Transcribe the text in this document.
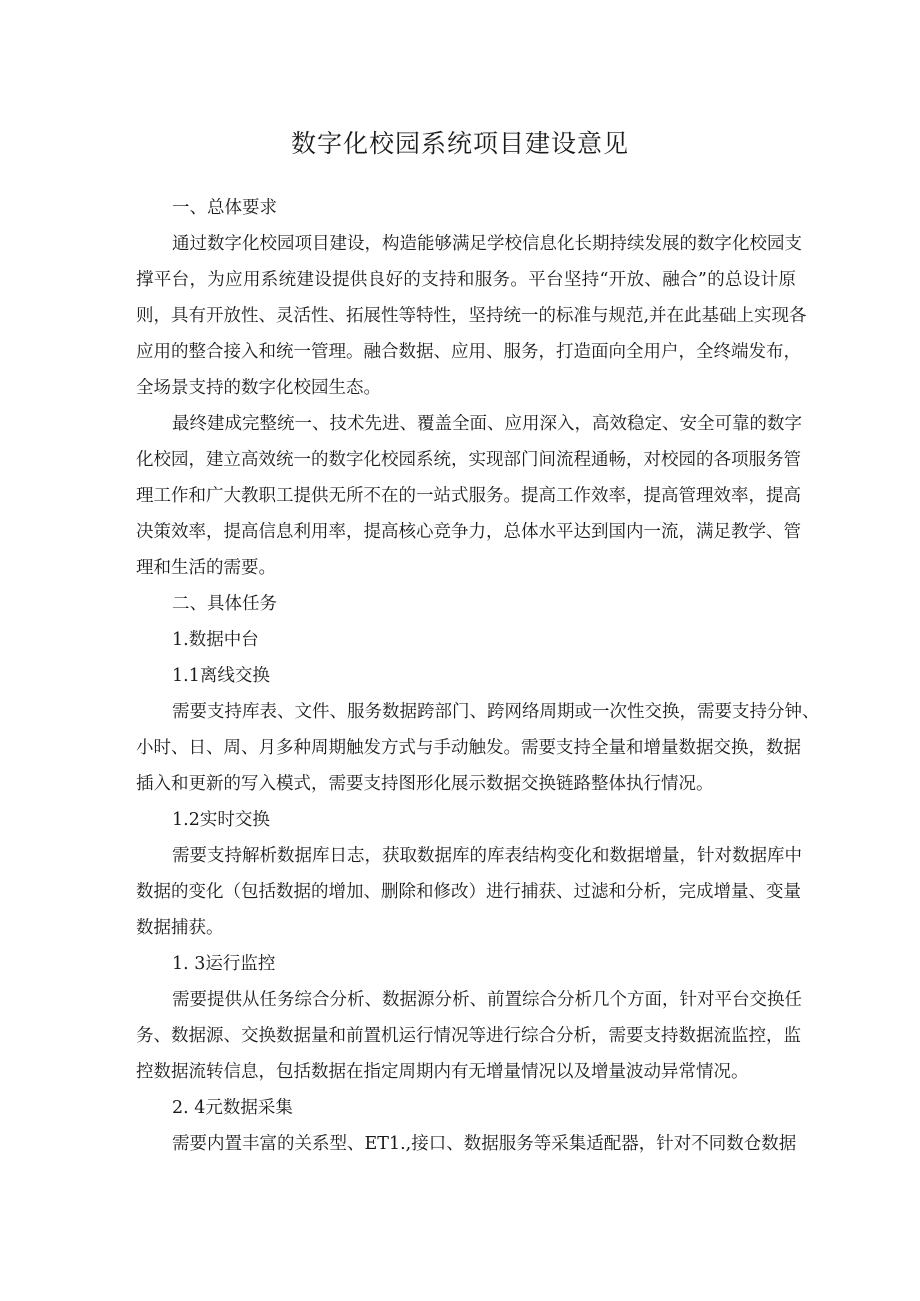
数字化校园系统项目建设意见

一、总体要求

通过数字化校园项目建设，构造能够满足学校信息化长期持续发展的数字化校园支

撑平台，为应用系统建设提供良好的支持和服务。平台坚持“开放、融合”的总设计原

则，具有开放性、灵活性、拓展性等特性，坚持统一的标准与规范,并在此基础上实现各

应用的整合接入和统一管理。融合数据、应用、服务，打造面向全用户，全终端发布，

全场景支持的数字化校园生态。

最终建成完整统一、技术先进、覆盖全面、应用深入，高效稳定、安全可靠的数字

化校园，建立高效统一的数字化校园系统，实现部门间流程通畅，对校园的各项服务管

理工作和广大教职工提供无所不在的一站式服务。提高工作效率，提高管理效率，提高

决策效率，提高信息利用率，提高核心竞争力，总体水平达到国内一流，满足教学、管

理和生活的需要。

二、具体任务

1.数据中台

1.1离线交换

需要支持库表、文件、服务数据跨部门、跨网络周期或一次性交换，需要支持分钟、

小时、日、周、月多种周期触发方式与手动触发。需要支持全量和增量数据交换，数据

插入和更新的写入模式，需要支持图形化展示数据交换链路整体执行情况。

1.2实时交换

需要支持解析数据库日志，获取数据库的库表结构变化和数据增量，针对数据库中

数据的变化（包括数据的增加、删除和修改）进行捕获、过滤和分析，完成增量、变量

数据捕获。

1. 3运行监控

需要提供从任务综合分析、数据源分析、前置综合分析几个方面，针对平台交换任

务、数据源、交换数据量和前置机运行情况等进行综合分析，需要支持数据流监控，监

控数据流转信息，包括数据在指定周期内有无增量情况以及增量波动异常情况。

2. 4元数据采集

需要内置丰富的关系型、ET1.,接口、数据服务等采集适配器，针对不同数仓数据
